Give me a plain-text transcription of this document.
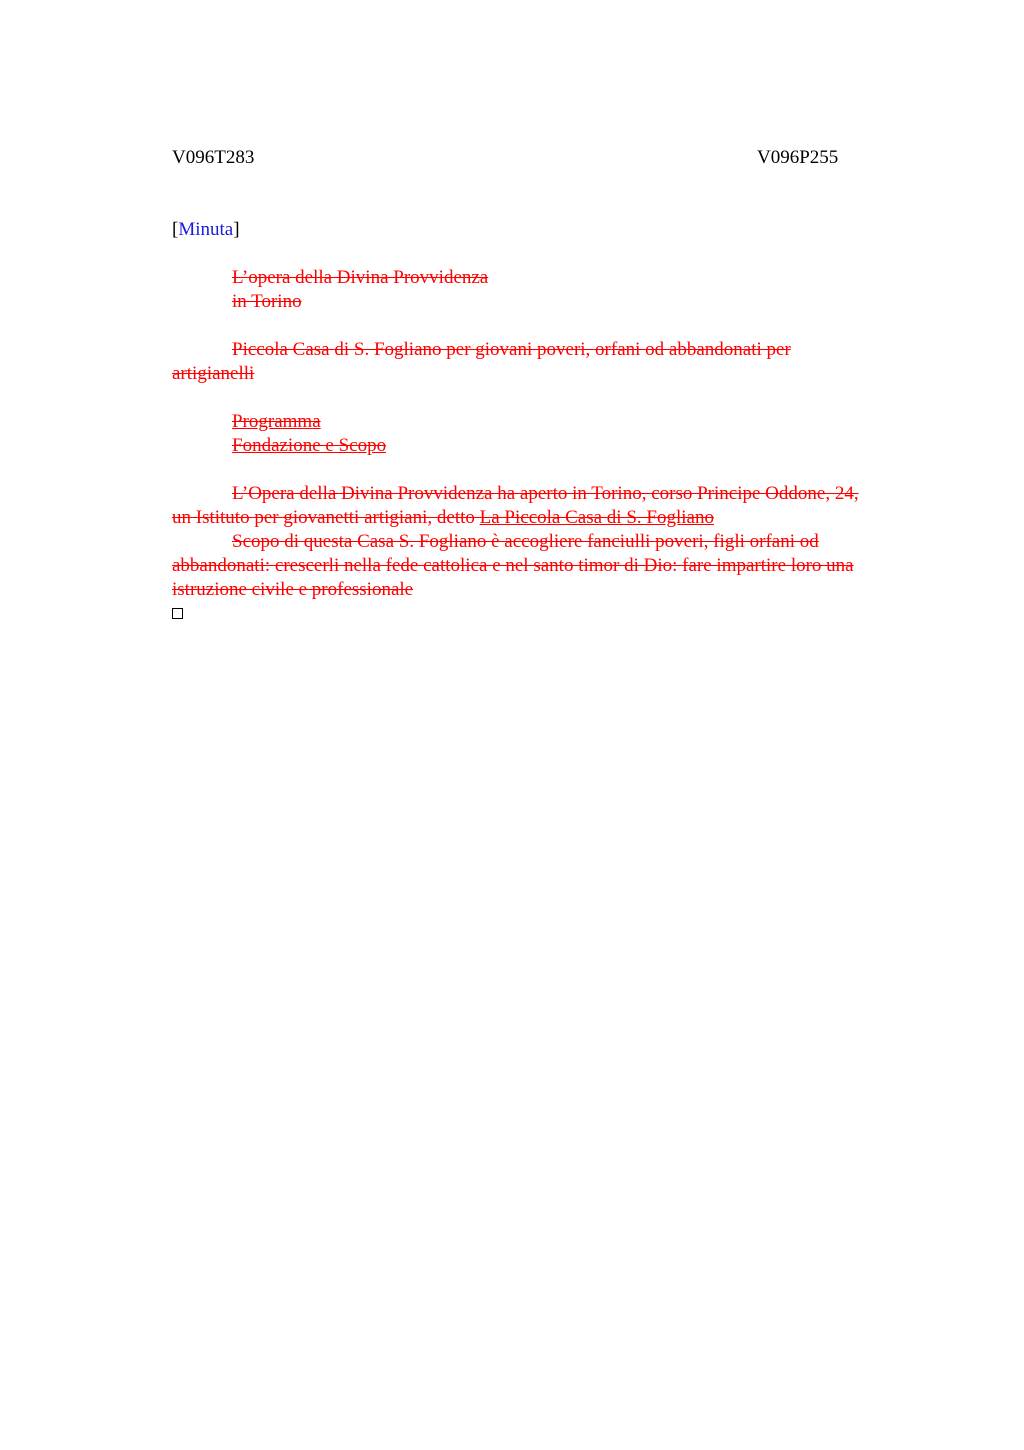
V096T283	V096P255

[Minuta]

L’opera della Divina Provvidenza

in Torino

Piccola Casa di S. Fogliano per giovani poveri, orfani od abbandonati per

artigianelli

Programma

Fondazione e Scopo

L’Opera della Divina Provvidenza ha aperto in Torino, corso Principe Oddone, 24,

un Istituto per giovanetti artigiani, detto La Piccola Casa di S. Fogliano

Scopo di questa Casa S. Fogliano è accogliere fanciulli poveri, figli orfani od

abbandonati: crescerli nella fede cattolica e nel santo timor di Dio: fare impartire loro una

istruzione civile e professionale
